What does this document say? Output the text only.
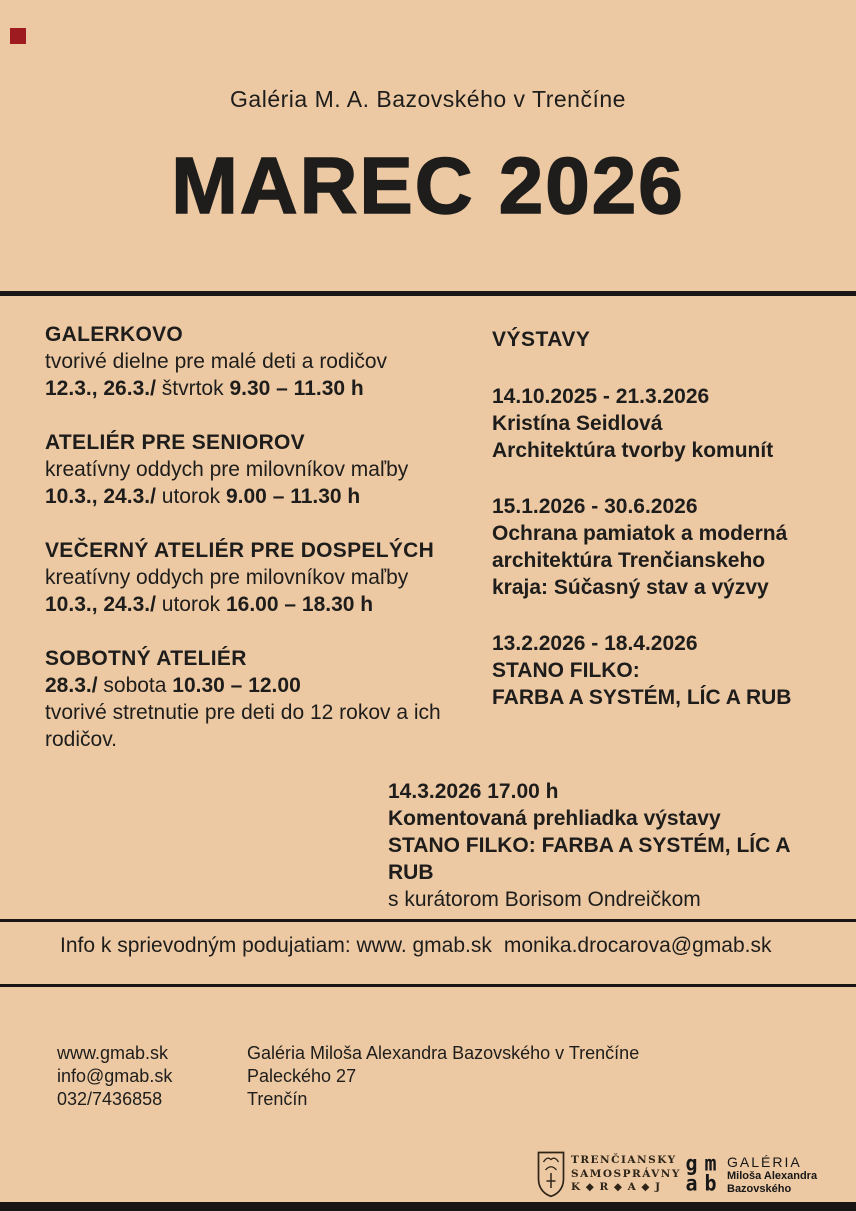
Galéria M. A. Bazovského v Trenčíne
MAREC 2026
GALERKOVO
tvorivé dielne pre malé deti a rodičov
12.3., 26.3./ štvrtok 9.30 – 11.30 h
ATELIÉR PRE SENIOROV
kreatívny oddych pre milovníkov maľby
10.3., 24.3./ utorok 9.00 – 11.30 h
VEČERNÝ ATELIÉR PRE DOSPELÝCH
kreatívny oddych pre milovníkov maľby
10.3., 24.3./ utorok 16.00 – 18.30 h
SOBOTNÝ ATELIÉR
28.3./ sobota 10.30 – 12.00
tvorivé stretnutie pre deti do 12 rokov a ich rodičov.
VÝSTAVY
14.10.2025 - 21.3.2026
Kristína Seidlová
Architektúra tvorby komunít
15.1.2026 - 30.6.2026
Ochrana pamiatok a moderná
architektúra Trenčianskeho
kraja: Súčasný stav a výzvy
13.2.2026 - 18.4.2026
STANO FILKO:
FARBA A SYSTÉM, LÍC A RUB
14.3.2026 17.00 h
Komentovaná prehliadka výstavy
STANO FILKO: FARBA A SYSTÉM, LÍC A RUB
s kurátorom Borisom Ondreičkom
Info k sprievodným podujatiam: www. gmab.sk monika.drocarova@gmab.sk
www.gmab.sk
info@gmab.sk
032/7436858
Galéria Miloša Alexandra Bazovského v Trenčíne
Paleckého 27
Trenčín
TRENČIANSKY
SAMOSPRÁVNY
K ◆ R ◆ A ◆ J
g m
a b
GALÉRIA
Miloša Alexandra
Bazovského
